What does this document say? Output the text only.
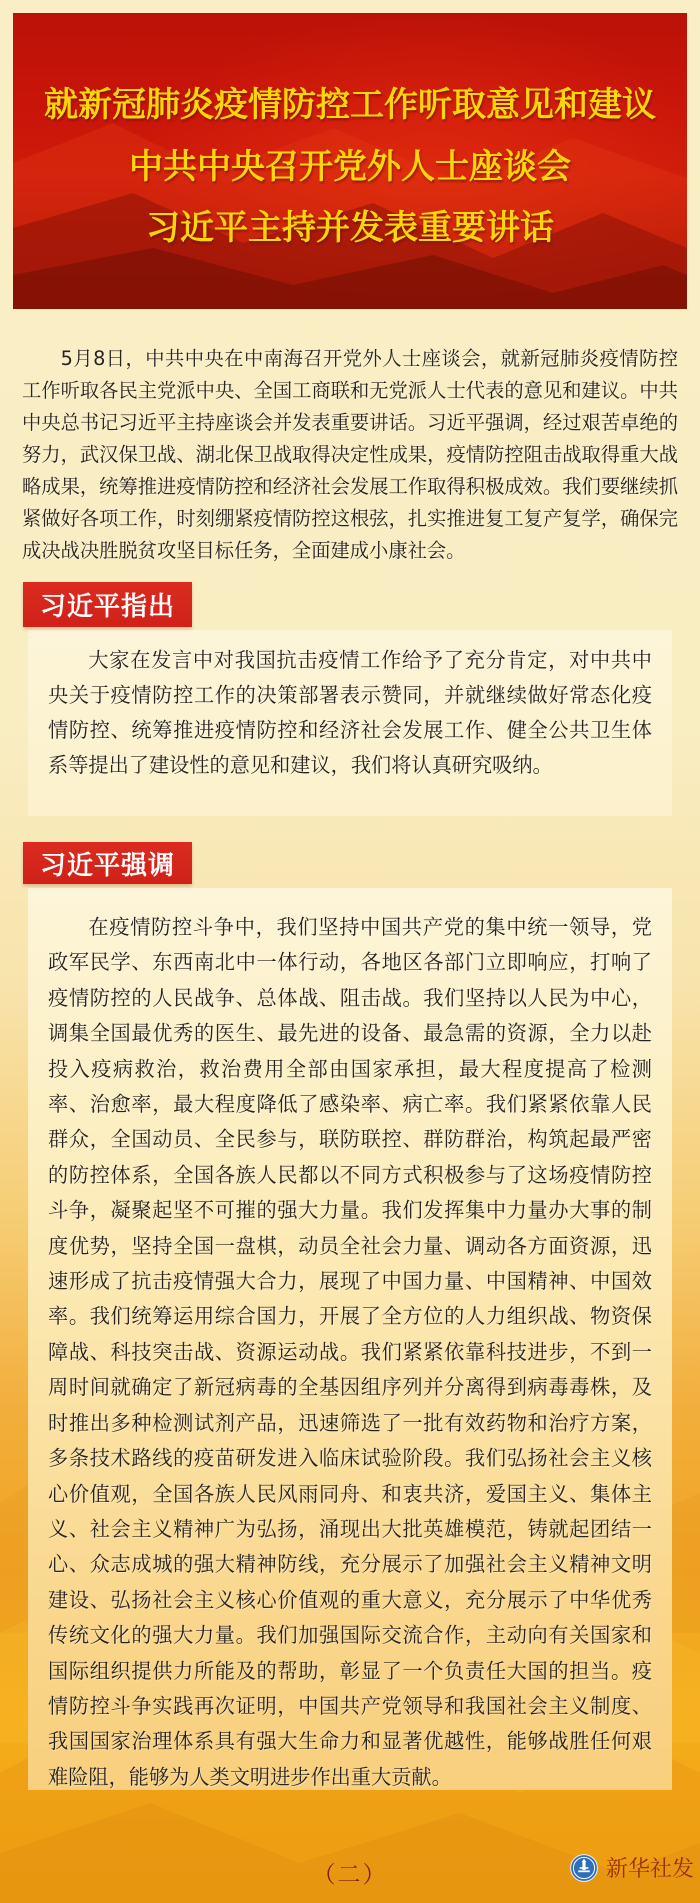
就新冠肺炎疫情防控工作听取意见和建议
中共中央召开党外人士座谈会
习近平主持并发表重要讲话

5月8日，中共中央在中南海召开党外人士座谈会，就新冠肺炎疫情防控工作听取各民主党派中央、全国工商联和无党派人士代表的意见和建议。中共中央总书记习近平主持座谈会并发表重要讲话。习近平强调，经过艰苦卓绝的努力，武汉保卫战、湖北保卫战取得决定性成果，疫情防控阻击战取得重大战略成果，统筹推进疫情防控和经济社会发展工作取得积极成效。我们要继续抓紧做好各项工作，时刻绷紧疫情防控这根弦，扎实推进复工复产复学，确保完成决战决胜脱贫攻坚目标任务，全面建成小康社会。

习近平指出
大家在发言中对我国抗击疫情工作给予了充分肯定，对中共中央关于疫情防控工作的决策部署表示赞同，并就继续做好常态化疫情防控、统筹推进疫情防控和经济社会发展工作、健全公共卫生体系等提出了建设性的意见和建议，我们将认真研究吸纳。
习近平强调
在疫情防控斗争中，我们坚持中国共产党的集中统一领导，党政军民学、东西南北中一体行动，各地区各部门立即响应，打响了疫情防控的人民战争、总体战、阻击战。我们坚持以人民为中心，调集全国最优秀的医生、最先进的设备、最急需的资源，全力以赴投入疫病救治，救治费用全部由国家承担，最大程度提高了检测率、治愈率，最大程度降低了感染率、病亡率。我们紧紧依靠人民群众，全国动员、全民参与，联防联控、群防群治，构筑起最严密的防控体系，全国各族人民都以不同方式积极参与了这场疫情防控斗争，凝聚起坚不可摧的强大力量。我们发挥集中力量办大事的制度优势，坚持全国一盘棋，动员全社会力量、调动各方面资源，迅速形成了抗击疫情强大合力，展现了中国力量、中国精神、中国效率。我们统筹运用综合国力，开展了全方位的人力组织战、物资保障战、科技突击战、资源运动战。我们紧紧依靠科技进步，不到一周时间就确定了新冠病毒的全基因组序列并分离得到病毒毒株，及时推出多种检测试剂产品，迅速筛选了一批有效药物和治疗方案，多条技术路线的疫苗研发进入临床试验阶段。我们弘扬社会主义核心价值观，全国各族人民风雨同舟、和衷共济，爱国主义、集体主义、社会主义精神广为弘扬，涌现出大批英雄模范，铸就起团结一心、众志成城的强大精神防线，充分展示了加强社会主义精神文明建设、弘扬社会主义核心价值观的重大意义，充分展示了中华优秀传统文化的强大力量。我们加强国际交流合作，主动向有关国家和国际组织提供力所能及的帮助，彰显了一个负责任大国的担当。疫情防控斗争实践再次证明，中国共产党领导和我国社会主义制度、我国国家治理体系具有强大生命力和显著优越性，能够战胜任何艰难险阻，能够为人类文明进步作出重大贡献。
（二）	新华社发
